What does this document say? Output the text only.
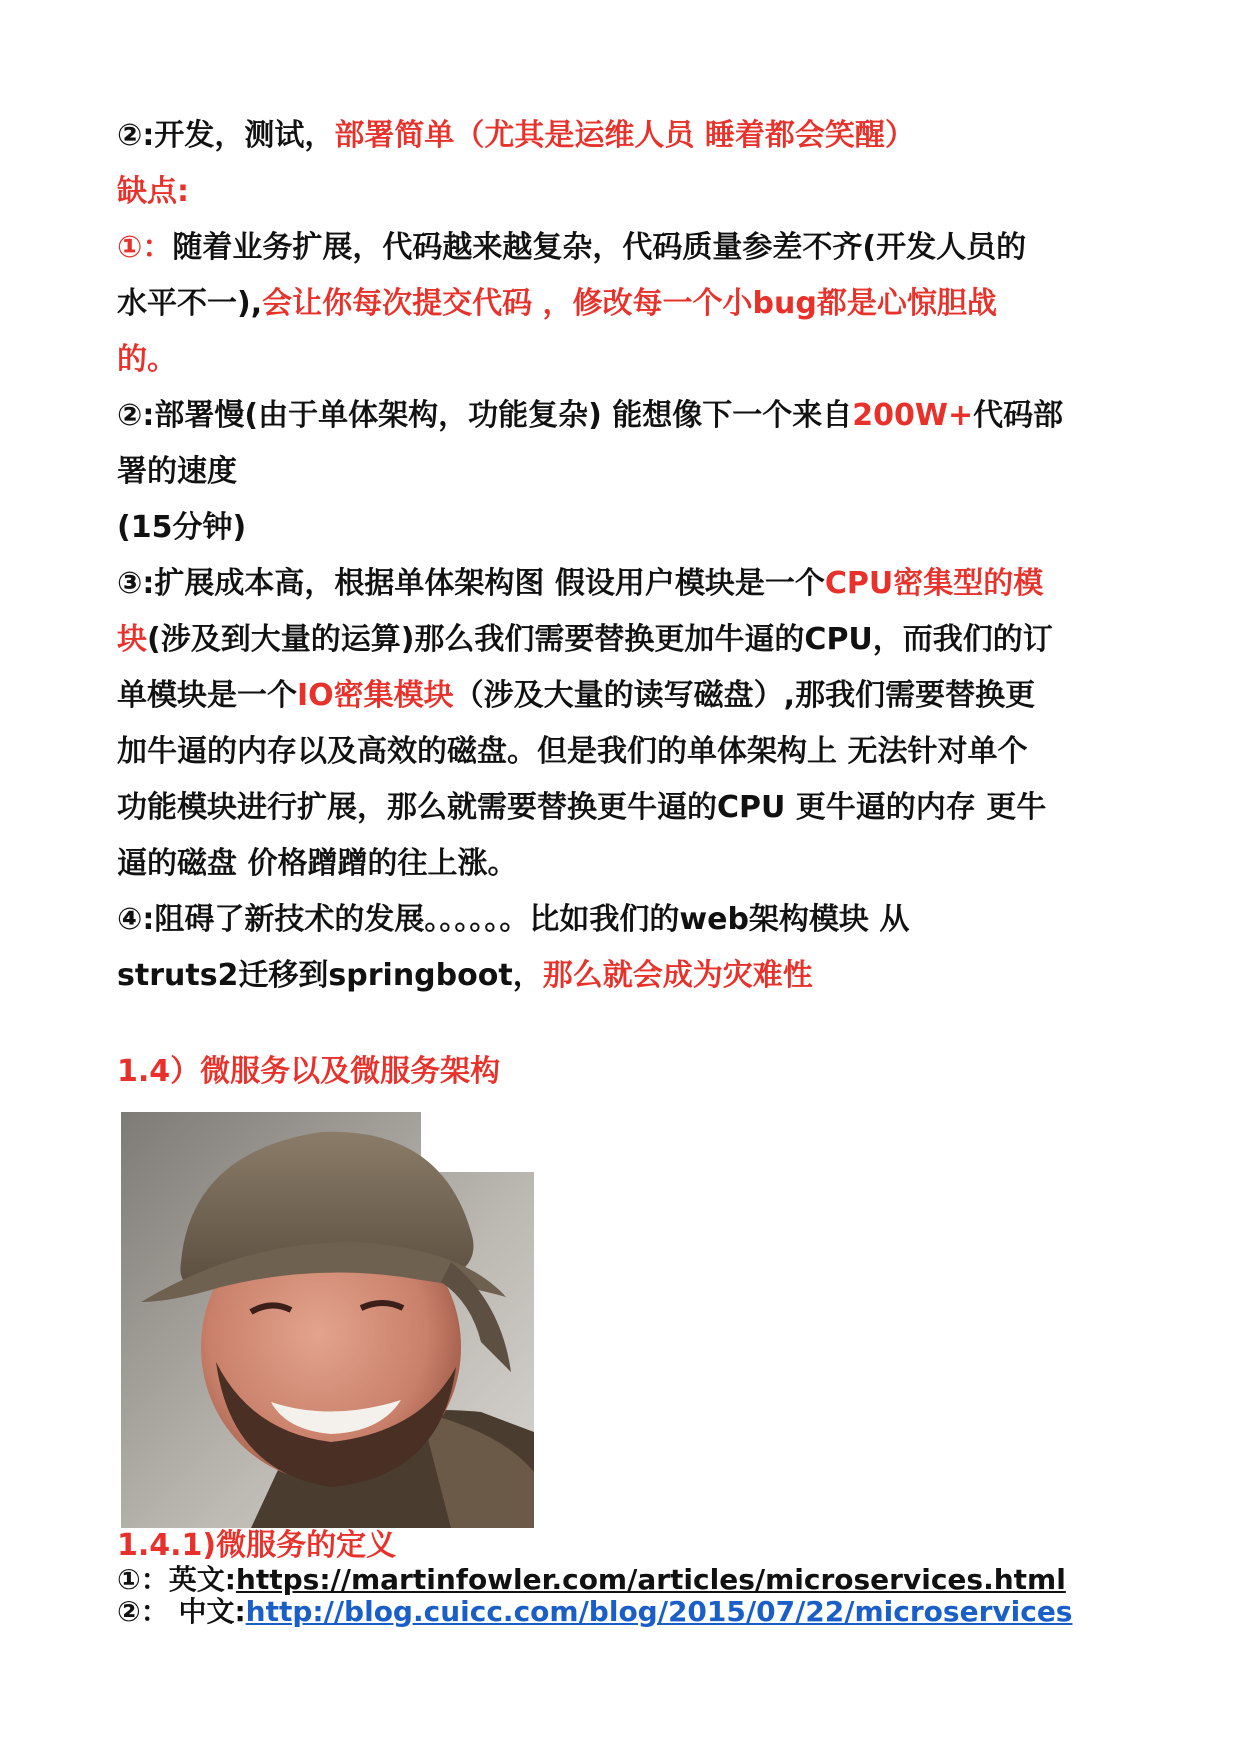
②:开发，测试，部署简单（尤其是运维人员 睡着都会笑醒）

缺点:

①：随着业务扩展，代码越来越复杂，代码质量参差不齐(开发人员的

水平不一),会让你每次提交代码 ，修改每一个小bug都是心惊胆战

的。

②:部署慢(由于单体架构，功能复杂) 能想像下一个来自200W+代码部

署的速度

(15分钟)

③:扩展成本高，根据单体架构图 假设用户模块是一个CPU密集型的模

块(涉及到大量的运算)那么我们需要替换更加牛逼的CPU，而我们的订

单模块是一个IO密集模块（涉及大量的读写磁盘）,那我们需要替换更

加牛逼的内存以及高效的磁盘。但是我们的单体架构上 无法针对单个

功能模块进行扩展，那么就需要替换更牛逼的CPU 更牛逼的内存 更牛

逼的磁盘 价格蹭蹭的往上涨。

④:阻碍了新技术的发展。。。。。。比如我们的web架构模块 从

struts2迁移到springboot，那么就会成为灾难性

1.4）微服务以及微服务架构

1.4.1)微服务的定义

①：英文:https://martinfowler.com/articles/microservices.html

②： 中文:http://blog.cuicc.com/blog/2015/07/22/microservices
